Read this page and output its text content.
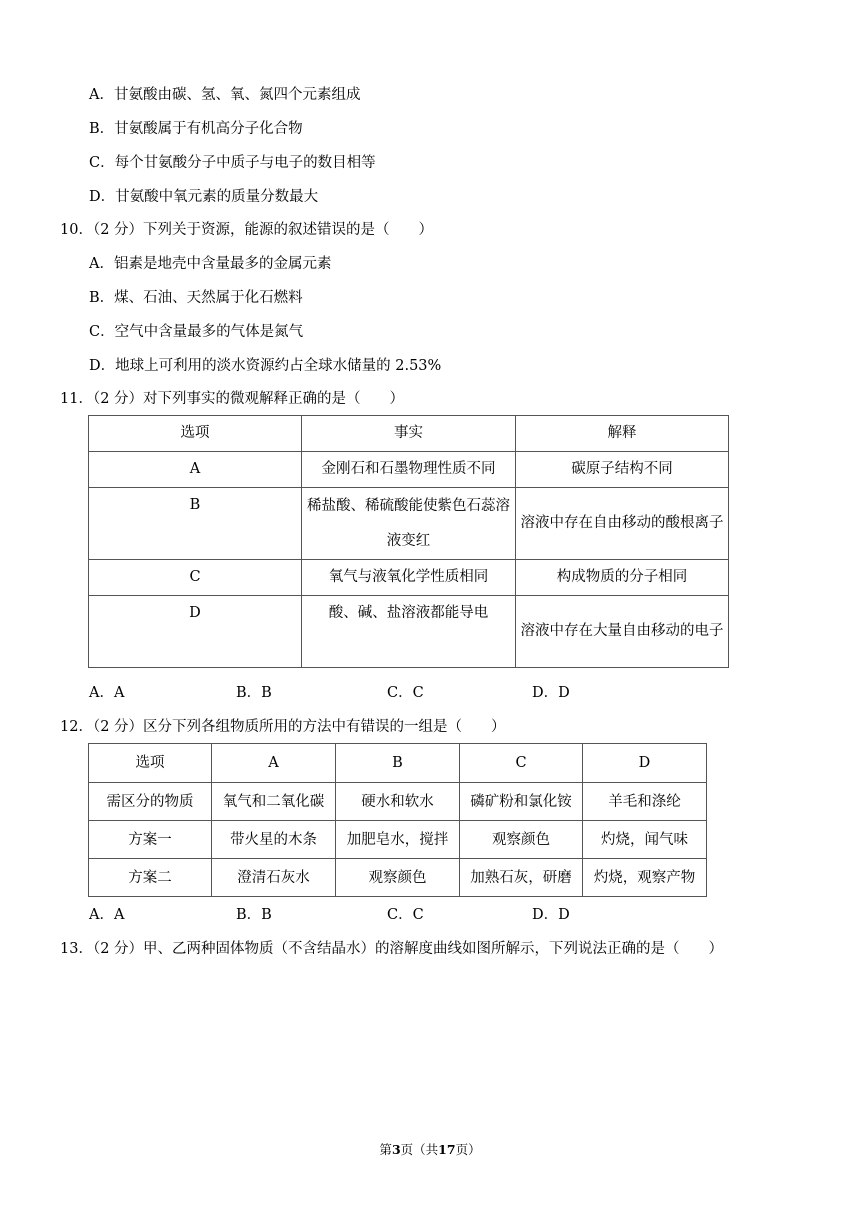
A．甘氨酸由碳、氢、氧、氮四个元素组成
B．甘氨酸属于有机高分子化合物
C．每个甘氨酸分子中质子与电子的数目相等
D．甘氨酸中氧元素的质量分数最大
10．（2 分）下列关于资源，能源的叙述错误的是（　　）
A．铝素是地壳中含量最多的金属元素
B．煤、石油、天然属于化石燃料
C．空气中含量最多的气体是氮气
D．地球上可利用的淡水资源约占全球水储量的 2.53%
11．（2 分）对下列事实的微观解释正确的是（　　）
选项	事实	解释
A	金刚石和石墨物理性质不同	碳原子结构不同
B	稀盐酸、稀硫酸能使紫色石蕊溶液变红	溶液中存在自由移动的酸根离子
C	氧气与液氧化学性质相同	构成物质的分子相同
D	酸、碱、盐溶液都能导电	溶液中存在大量自由移动的电子
A．A	B．B	C．C	D．D
12．（2 分）区分下列各组物质所用的方法中有错误的一组是（　　）
选项	A	B	C	D
需区分的物质	氧气和二氧化碳	硬水和软水	磷矿粉和氯化铵	羊毛和涤纶
方案一	带火星的木条	加肥皂水，搅拌	观察颜色	灼烧，闻气味
方案二	澄清石灰水	观察颜色	加熟石灰，研磨	灼烧，观察产物
A．A	B．B	C．C	D．D
13．（2 分）甲、乙两种固体物质（不含结晶水）的溶解度曲线如图所解示，下列说法正确的是（　　）
第3页（共17页）
